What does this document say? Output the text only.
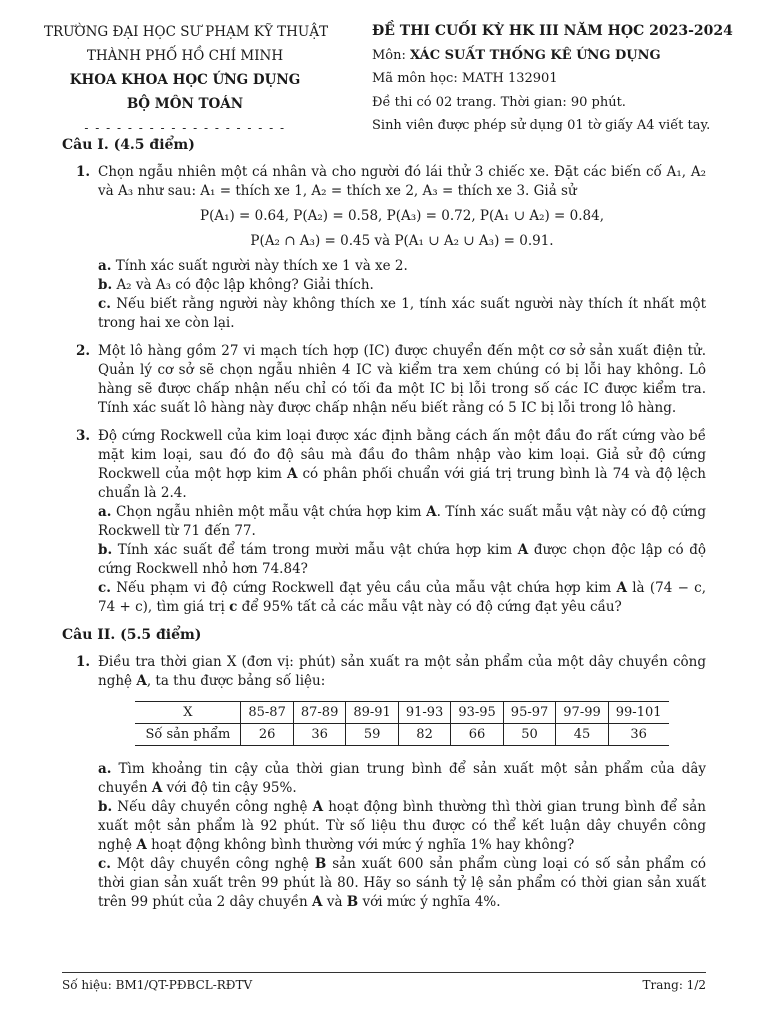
TRƯỜNG ĐẠI HỌC SƯ PHẠM KỸ THUẬT
THÀNH PHỐ HỒ CHÍ MINH
KHOA KHOA HỌC ỨNG DỤNG
BỘ MÔN TOÁN
- - - - - - - - - - - - - - - - - - -
ĐỀ THI CUỐI KỲ HK III NĂM HỌC 2023-2024
Môn: XÁC SUẤT THỐNG KÊ ỨNG DỤNG
Mã môn học: MATH 132901
Đề thi có 02 trang. Thời gian: 90 phút.
Sinh viên được phép sử dụng 01 tờ giấy A4 viết tay.
Câu I. (4.5 điểm)
1. Chọn ngẫu nhiên một cá nhân và cho người đó lái thử 3 chiếc xe. Đặt các biến cố A₁, A₂ và A₃ như sau: A₁ = thích xe 1, A₂ = thích xe 2, A₃ = thích xe 3. Giả sử
P(A₁) = 0.64, P(A₂) = 0.58, P(A₃) = 0.72, P(A₁ ∪ A₂) = 0.84,
P(A₂ ∩ A₃) = 0.45 và P(A₁ ∪ A₂ ∪ A₃) = 0.91.
a. Tính xác suất người này thích xe 1 và xe 2.
b. A₂ và A₃ có độc lập không? Giải thích.
c. Nếu biết rằng người này không thích xe 1, tính xác suất người này thích ít nhất một trong hai xe còn lại.
2. Một lô hàng gồm 27 vi mạch tích hợp (IC) được chuyển đến một cơ sở sản xuất điện tử. Quản lý cơ sở sẽ chọn ngẫu nhiên 4 IC và kiểm tra xem chúng có bị lỗi hay không. Lô hàng sẽ được chấp nhận nếu chỉ có tối đa một IC bị lỗi trong số các IC được kiểm tra. Tính xác suất lô hàng này được chấp nhận nếu biết rằng có 5 IC bị lỗi trong lô hàng.
3. Độ cứng Rockwell của kim loại được xác định bằng cách ấn một đầu đo rất cứng vào bề mặt kim loại, sau đó đo độ sâu mà đầu đo thâm nhập vào kim loại. Giả sử độ cứng Rockwell của một hợp kim A có phân phối chuẩn với giá trị trung bình là 74 và độ lệch chuẩn là 2.4.
a. Chọn ngẫu nhiên một mẫu vật chứa hợp kim A. Tính xác suất mẫu vật này có độ cứng Rockwell từ 71 đến 77.
b. Tính xác suất để tám trong mười mẫu vật chứa hợp kim A được chọn độc lập có độ cứng Rockwell nhỏ hơn 74.84?
c. Nếu phạm vi độ cứng Rockwell đạt yêu cầu của mẫu vật chứa hợp kim A là (74 − c, 74 + c), tìm giá trị c để 95% tất cả các mẫu vật này có độ cứng đạt yêu cầu?
Câu II. (5.5 điểm)
1. Điều tra thời gian X (đơn vị: phút) sản xuất ra một sản phẩm của một dây chuyền công nghệ A, ta thu được bảng số liệu:
X	85-87	87-89	89-91	91-93	93-95	95-97	97-99	99-101
Số sản phẩm	26	36	59	82	66	50	45	36
a. Tìm khoảng tin cậy của thời gian trung bình để sản xuất một sản phẩm của dây chuyền A với độ tin cậy 95%.
b. Nếu dây chuyền công nghệ A hoạt động bình thường thì thời gian trung bình để sản xuất một sản phẩm là 92 phút. Từ số liệu thu được có thể kết luận dây chuyền công nghệ A hoạt động không bình thường với mức ý nghĩa 1% hay không?
c. Một dây chuyền công nghệ B sản xuất 600 sản phẩm cùng loại có số sản phẩm có thời gian sản xuất trên 99 phút là 80. Hãy so sánh tỷ lệ sản phẩm có thời gian sản xuất trên 99 phút của 2 dây chuyền A và B với mức ý nghĩa 4%.
Số hiệu: BM1/QT-PĐBCL-RĐTV	Trang: 1/2
